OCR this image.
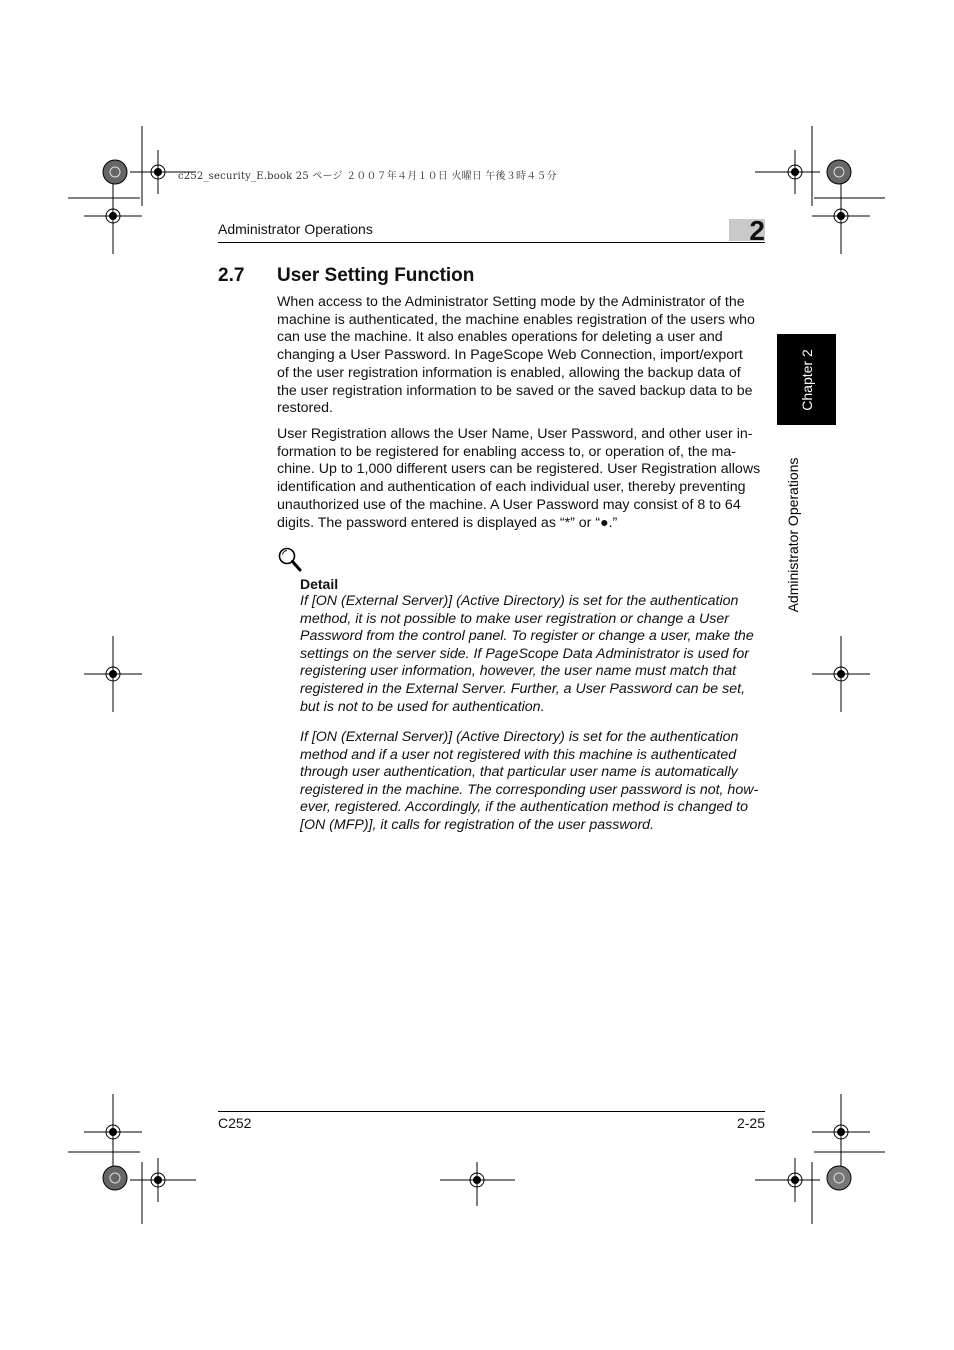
c252_security_E.book 25 ページ ２００７年４月１０日 火曜日 午後３時４５分
Administrator Operations	2
Chapter 2
Administrator Operations
2.7 User Setting Function

When access to the Administrator Setting mode by the Administrator of the
machine is authenticated, the machine enables registration of the users who
can use the machine. It also enables operations for deleting a user and
changing a User Password. In PageScope Web Connection, import/export
of the user registration information is enabled, allowing the backup data of
the user registration information to be saved or the saved backup data to be
restored.

User Registration allows the User Name, User Password, and other user in-
formation to be registered for enabling access to, or operation of, the ma-
chine. Up to 1,000 different users can be registered. User Registration allows
identification and authentication of each individual user, thereby preventing
unauthorized use of the machine. A User Password may consist of 8 to 64
digits. The password entered is displayed as “*” or “●.”

Detail

If [ON (External Server)] (Active Directory) is set for the authentication
method, it is not possible to make user registration or change a User
Password from the control panel. To register or change a user, make the
settings on the server side. If PageScope Data Administrator is used for
registering user information, however, the user name must match that
registered in the External Server. Further, a User Password can be set,
but is not to be used for authentication.

If [ON (External Server)] (Active Directory) is set for the authentication
method and if a user not registered with this machine is authenticated
through user authentication, that particular user name is automatically
registered in the machine. The corresponding user password is not, how-
ever, registered. Accordingly, if the authentication method is changed to
[ON (MFP)], it calls for registration of the user password.

C252	2-25
